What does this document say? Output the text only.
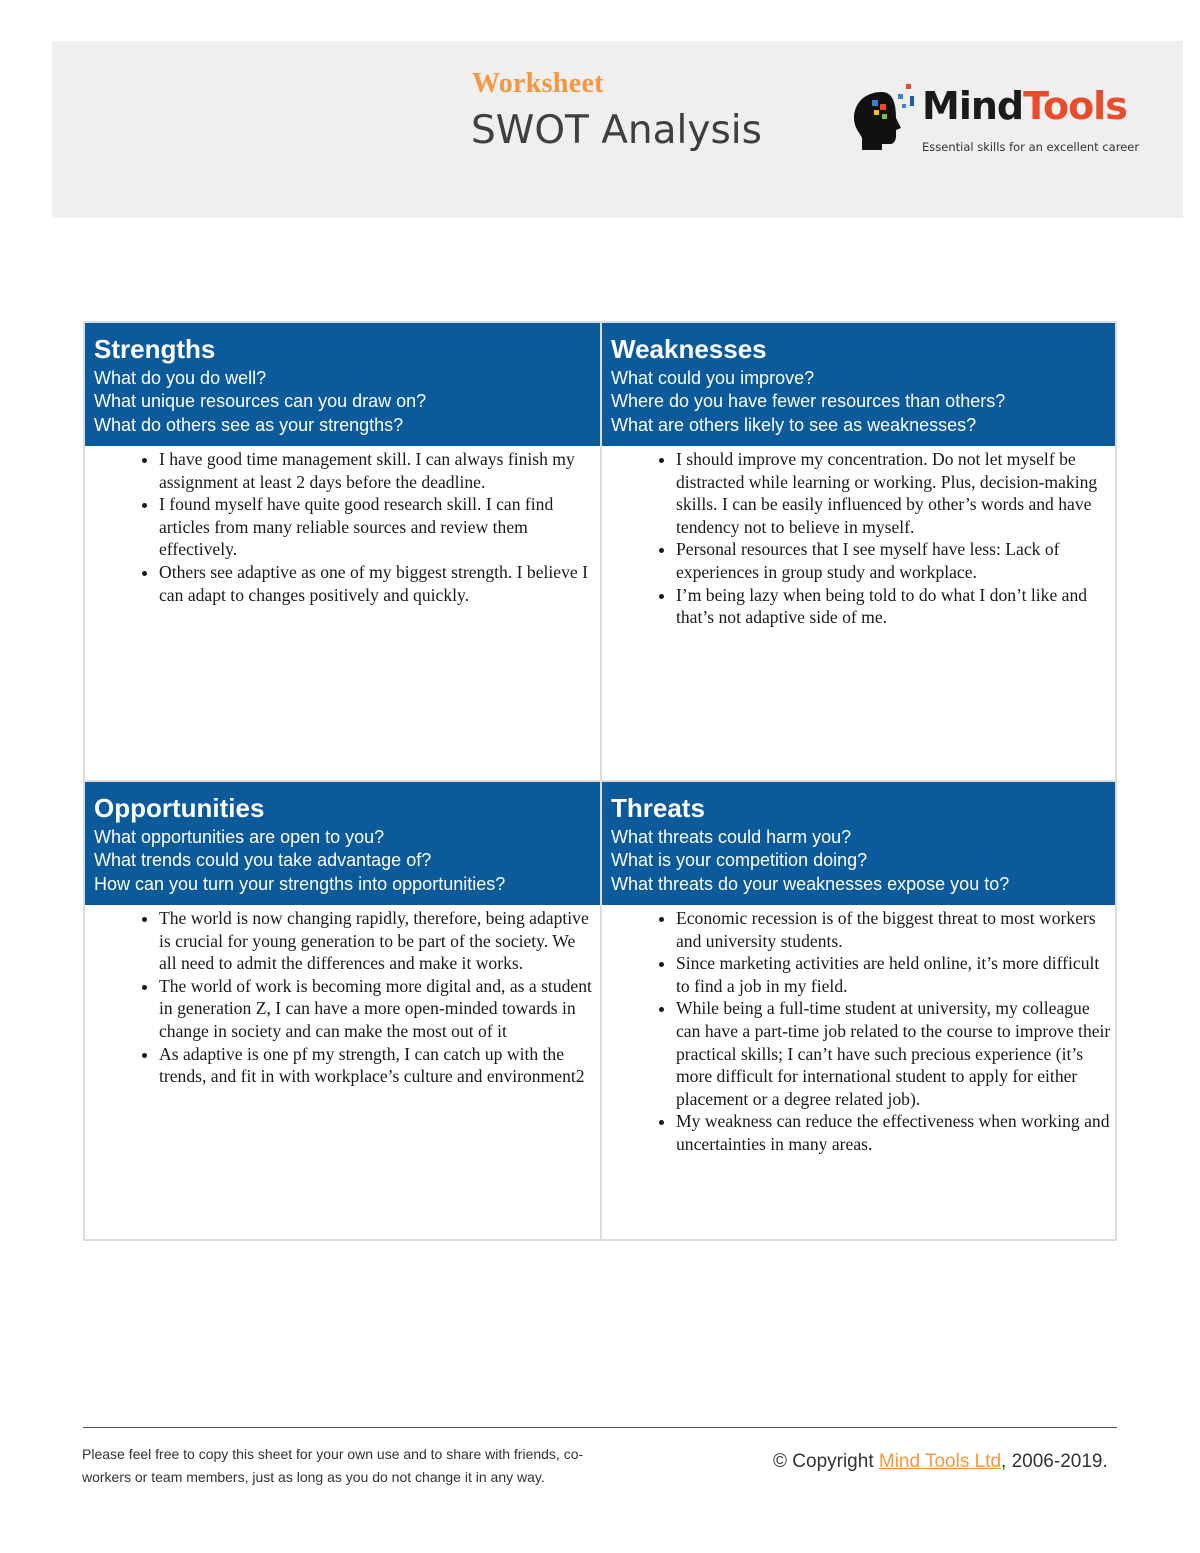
Worksheet
SWOT Analysis
MindTools
Essential skills for an excellent career
Strengths
What do you do well?
What unique resources can you draw on?
What do others see as your strengths?
• I have good time management skill. I can always finish my assignment at least 2 days before the deadline.
• I found myself have quite good research skill. I can find articles from many reliable sources and review them effectively.
• Others see adaptive as one of my biggest strength. I believe I can adapt to changes positively and quickly.
Weaknesses
What could you improve?
Where do you have fewer resources than others?
What are others likely to see as weaknesses?
• I should improve my concentration. Do not let myself be distracted while learning or working. Plus, decision-making skills. I can be easily influenced by other’s words and have tendency not to believe in myself.
• Personal resources that I see myself have less: Lack of experiences in group study and workplace.
• I’m being lazy when being told to do what I don’t like and that’s not adaptive side of me.
Opportunities
What opportunities are open to you?
What trends could you take advantage of?
How can you turn your strengths into opportunities?
• The world is now changing rapidly, therefore, being adaptive is crucial for young generation to be part of the society. We all need to admit the differences and make it works.
• The world of work is becoming more digital and, as a student in generation Z, I can have a more open-minded towards in change in society and can make the most out of it
• As adaptive is one pf my strength, I can catch up with the trends, and fit in with workplace’s culture and environment2
Threats
What threats could harm you?
What is your competition doing?
What threats do your weaknesses expose you to?
• Economic recession is of the biggest threat to most workers and university students.
• Since marketing activities are held online, it’s more difficult to find a job in my field.
• While being a full-time student at university, my colleague can have a part-time job related to the course to improve their practical skills; I can’t have such precious experience (it’s more difficult for international student to apply for either placement or a degree related job).
• My weakness can reduce the effectiveness when working and uncertainties in many areas.
Please feel free to copy this sheet for your own use and to share with friends, co-workers or team members, just as long as you do not change it in any way.
© Copyright Mind Tools Ltd, 2006-2019.
